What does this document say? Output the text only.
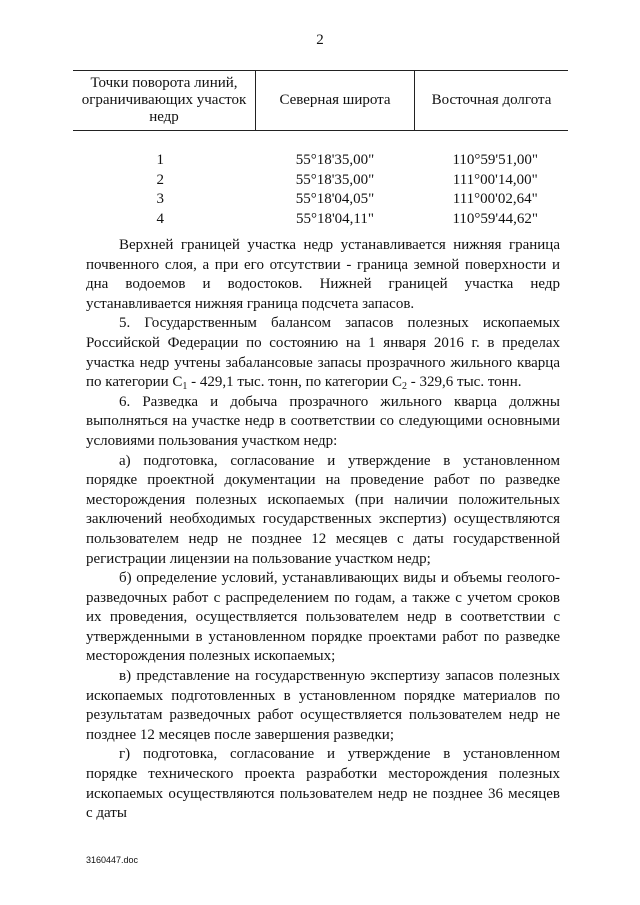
2
Точки поворота линий, ограничивающих участок недр	Северная широта	Восточная долгота

1	55°18'35,00"	110°59'51,00"
2	55°18'35,00"	111°00'14,00"
3	55°18'04,05"	111°00'02,64"
4	55°18'04,11"	110°59'44,62"

Верхней границей участка недр устанавливается нижняя граница почвенного слоя, а при его отсутствии - граница земной поверхности и дна водоемов и водостоков. Нижней границей участка недр устанавливается нижняя граница подсчета запасов.

5. Государственным балансом запасов полезных ископаемых Российской Федерации по состоянию на 1 января 2016 г. в пределах участка недр учтены забалансовые запасы прозрачного жильного кварца по категории $C_1 - 429,1$ тыс. тонн, по категории $C_2 - 329,6$ тыс. тонн.

6. Разведка и добыча прозрачного жильного кварца должны выполняться на участке недр в соответствии со следующими основными условиями пользования участком недр:

а) подготовка, согласование и утверждение в установленном порядке проектной документации на проведение работ по разведке месторождения полезных ископаемых (при наличии положительных заключений необходимых государственных экспертиз) осуществляются пользователем недр не позднее 12 месяцев с даты государственной регистрации лицензии на пользование участком недр;

б) определение условий, устанавливающих виды и объемы геолого-разведочных работ с распределением по годам, а также с учетом сроков их проведения, осуществляется пользователем недр в соответствии с утвержденными в установленном порядке проектами работ по разведке месторождения полезных ископаемых;

в) представление на государственную экспертизу запасов полезных ископаемых подготовленных в установленном порядке материалов по результатам разведочных работ осуществляется пользователем недр не позднее 12 месяцев после завершения разведки;

г) подготовка, согласование и утверждение в установленном порядке технического проекта разработки месторождения полезных ископаемых осуществляются пользователем недр не позднее 36 месяцев с даты

3160447.doc
